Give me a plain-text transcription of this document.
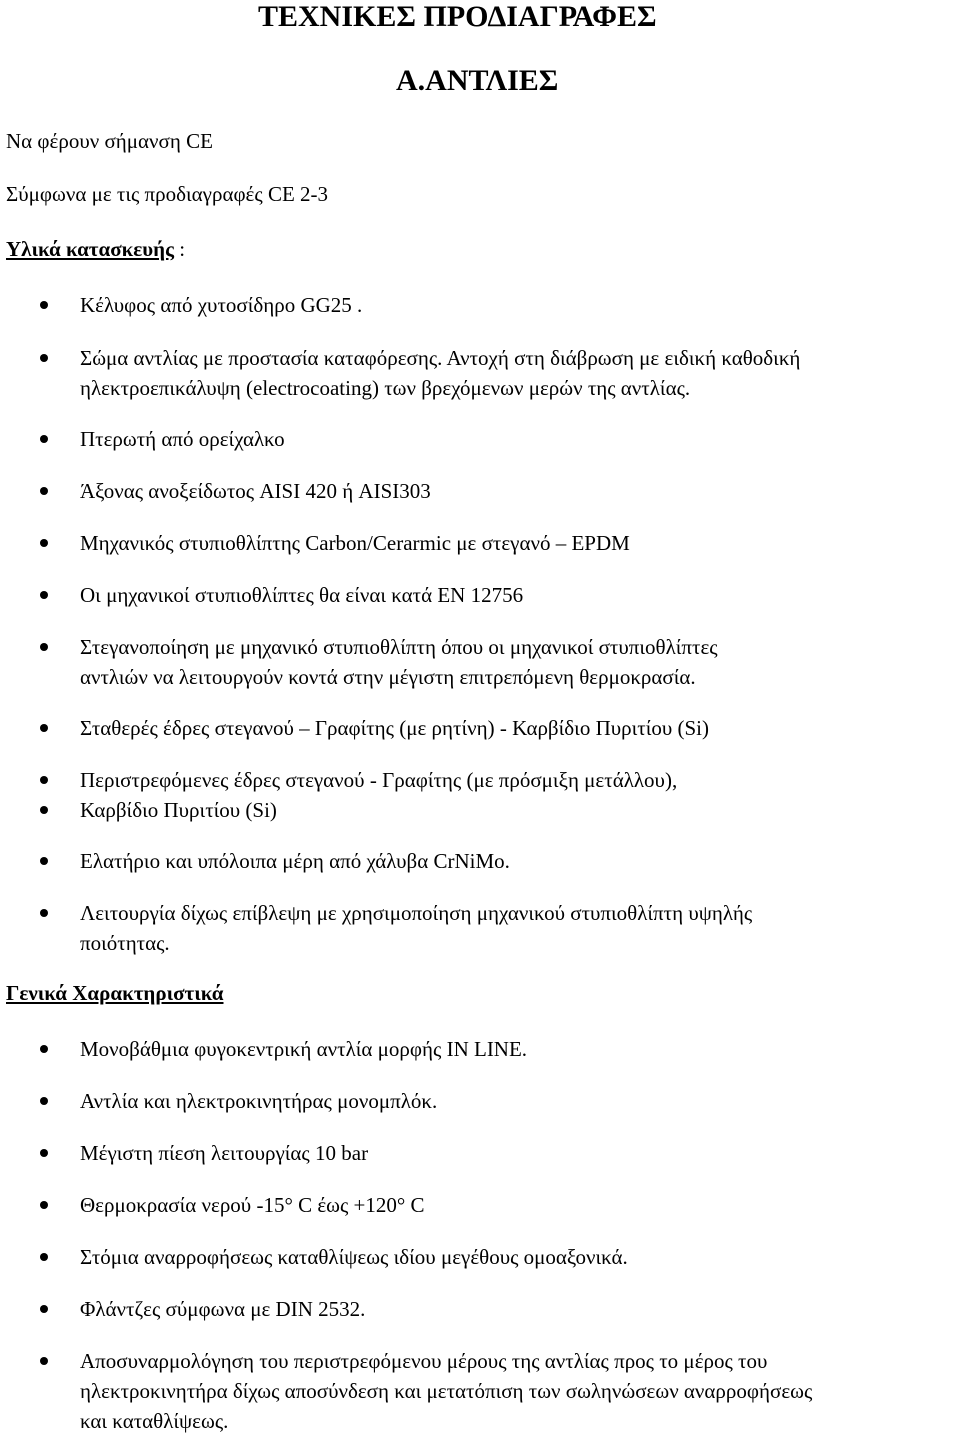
ΤΕΧΝΙΚΕΣ ΠΡΟΔΙΑΓΡΑΦΕΣ
Α.ΑΝΤΛΙΕΣ
Να φέρουν σήμανση CE
Σύμφωνα με τις προδιαγραφές CE 2-3
Υλικά κατασκευής :
Κέλυφος από χυτοσίδηρο GG25 .
Σώμα αντλίας με προστασία καταφόρεσης. Αντοχή στη διάβρωση με ειδική καθοδική
ηλεκτροεπικάλυψη (electrocoating) των βρεχόμενων μερών της αντλίας.
Πτερωτή από ορείχαλκο
Άξονας ανοξείδωτος AISI 420 ή AISI303
Μηχανικός στυπιοθλίπτης Carbon/Cerarmic με στεγανό – EPDM
Οι μηχανικοί στυπιοθλίπτες θα είναι κατά EN 12756
Στεγανοποίηση με μηχανικό στυπιοθλίπτη όπου οι μηχανικοί στυπιοθλίπτες
αντλιών να λειτουργούν κοντά στην μέγιστη επιτρεπόμενη θερμοκρασία.
Σταθερές έδρες στεγανού – Γραφίτης (με ρητίνη) - Καρβίδιο Πυριτίου (Si)
Περιστρεφόμενες έδρες στεγανού - Γραφίτης (με πρόσμιξη μετάλλου),
Καρβίδιο Πυριτίου (Si)
Ελατήριο και υπόλοιπα μέρη από χάλυβα CrNiMo.
Λειτουργία δίχως επίβλεψη με χρησιμοποίηση μηχανικού στυπιοθλίπτη υψηλής
ποιότητας.
Γενικά Χαρακτηριστικά
Μονοβάθμια φυγοκεντρική αντλία μορφής IN LINE.
Αντλία και ηλεκτροκινητήρας μονομπλόκ.
Μέγιστη πίεση λειτουργίας 10 bar
Θερμοκρασία νερού -15° C έως +120° C
Στόμια αναρροφήσεως καταθλίψεως ιδίου μεγέθους ομοαξονικά.
Φλάντζες σύμφωνα με DIN 2532.
Αποσυναρμολόγηση του περιστρεφόμενου μέρους της αντλίας προς το μέρος του
ηλεκτροκινητήρα δίχως αποσύνδεση και μετατόπιση των σωληνώσεων αναρροφήσεως
και καταθλίψεως.
